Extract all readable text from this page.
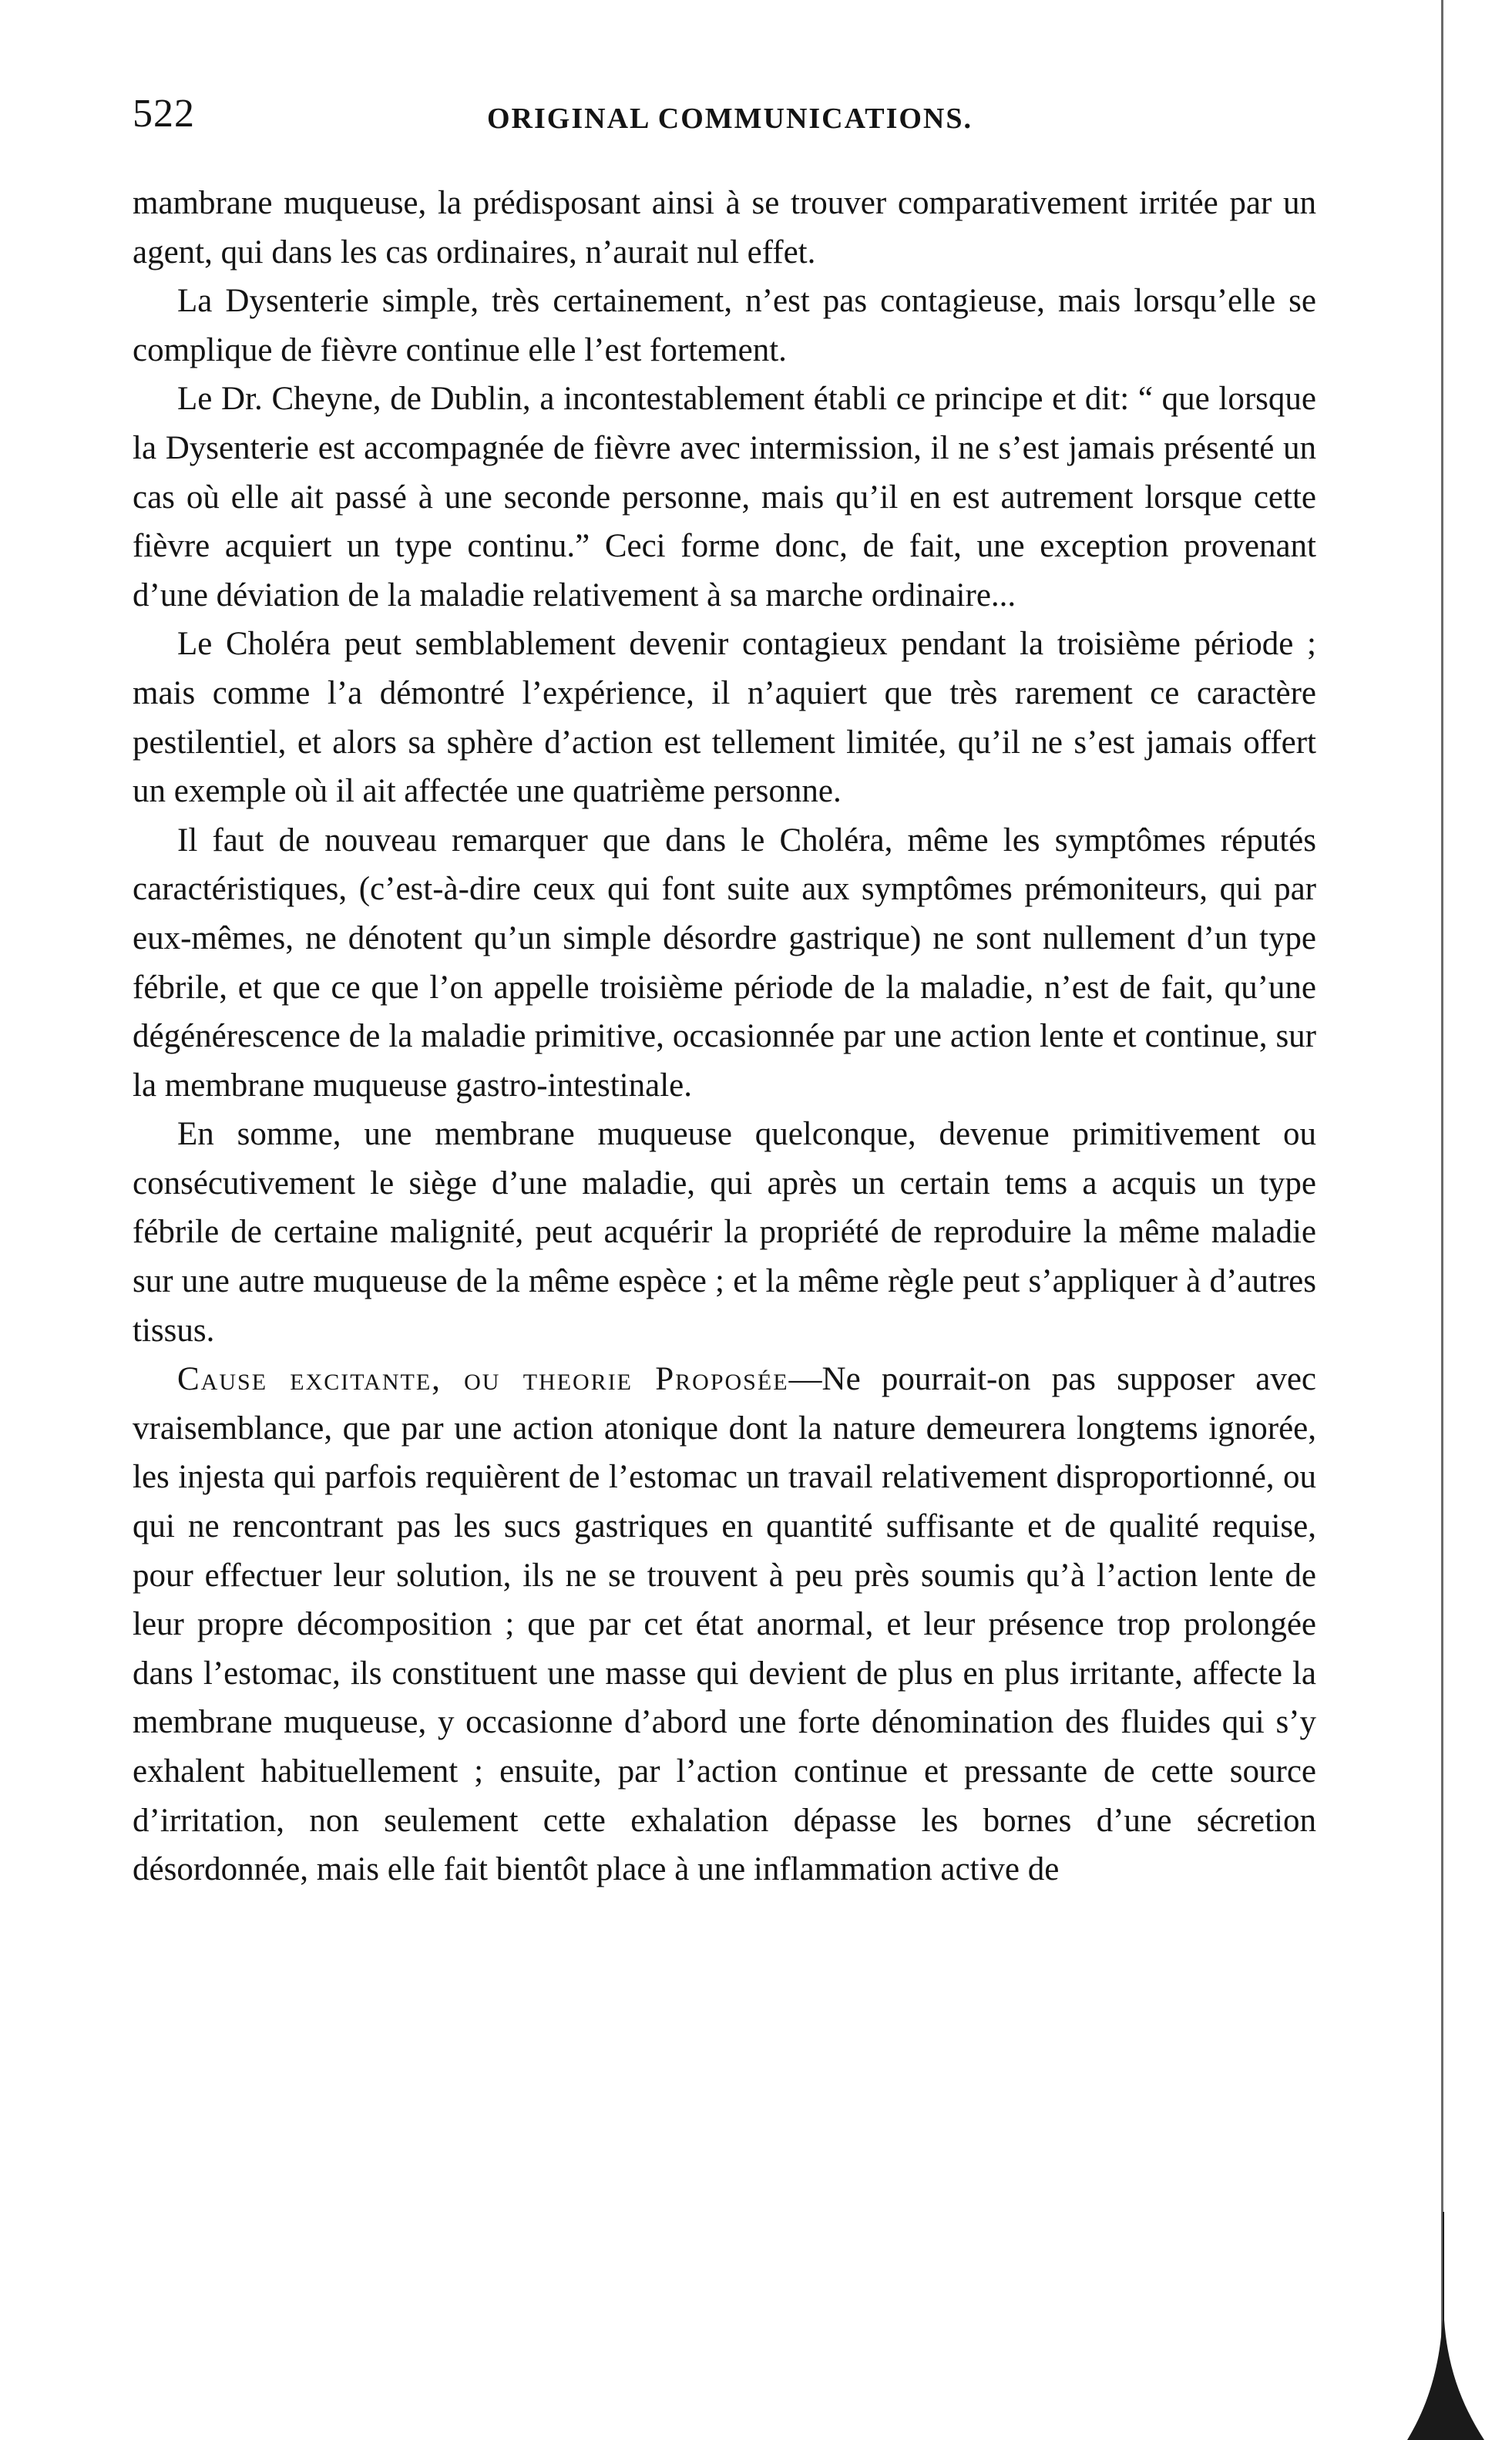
522	ORIGINAL COMMUNICATIONS.

mambrane muqueuse, la prédisposant ainsi à se trouver comparativement irritée par un agent, qui dans les cas ordinaires, n’aurait nul effet.

La Dysenterie simple, très certainement, n’est pas contagieuse, mais lorsqu’elle se complique de fièvre continue elle l’est fortement.

Le Dr. Cheyne, de Dublin, a incontestablement établi ce principe et dit: “ que lorsque la Dysenterie est accompagnée de fièvre avec intermission, il ne s’est jamais présenté un cas où elle ait passé à une seconde personne, mais qu’il en est autrement lorsque cette fièvre acquiert un type continu.” Ceci forme donc, de fait, une exception provenant d’une déviation de la maladie relativement à sa marche ordinaire...

Le Choléra peut semblablement devenir contagieux pendant la troisième période ; mais comme l’a démontré l’expérience, il n’aquiert que très rarement ce caractère pestilentiel, et alors sa sphère d’action est tellement limitée, qu’il ne s’est jamais offert un exemple où il ait affectée une quatrième personne.

Il faut de nouveau remarquer que dans le Choléra, même les symptômes réputés caractéristiques, (c’est-à-dire ceux qui font suite aux symptômes prémoniteurs, qui par eux-mêmes, ne dénotent qu’un simple désordre gastrique) ne sont nullement d’un type fébrile, et que ce que l’on appelle troisième période de la maladie, n’est de fait, qu’une dégénérescence de la maladie primitive, occasionnée par une action lente et continue, sur la membrane muqueuse gastro-intestinale.

En somme, une membrane muqueuse quelconque, devenue primitivement ou consécutivement le siège d’une maladie, qui après un certain tems a acquis un type fébrile de certaine malignité, peut acquérir la propriété de reproduire la même maladie sur une autre muqueuse de la même espèce ; et la même règle peut s’appliquer à d’autres tissus.

Cause excitante, ou theorie Proposée—Ne pourrait-on pas supposer avec vraisemblance, que par une action atonique dont la nature demeurera longtems ignorée, les injesta qui parfois requièrent de l’estomac un travail relativement disproportionné, ou qui ne rencontrant pas les sucs gastriques en quantité suffisante et de qualité requise, pour effectuer leur solution, ils ne se trouvent à peu près soumis qu’à l’action lente de leur propre décomposition ; que par cet état anormal, et leur présence trop prolongée dans l’estomac, ils constituent une masse qui devient de plus en plus irritante, affecte la membrane muqueuse, y occasionne d’abord une forte dénomination des fluides qui s’y exhalent habituellement ; ensuite, par l’action continue et pressante de cette source d’irritation, non seulement cette exhalation dépasse les bornes d’une sécretion désordonnée, mais elle fait bientôt place à une inflammation active de
